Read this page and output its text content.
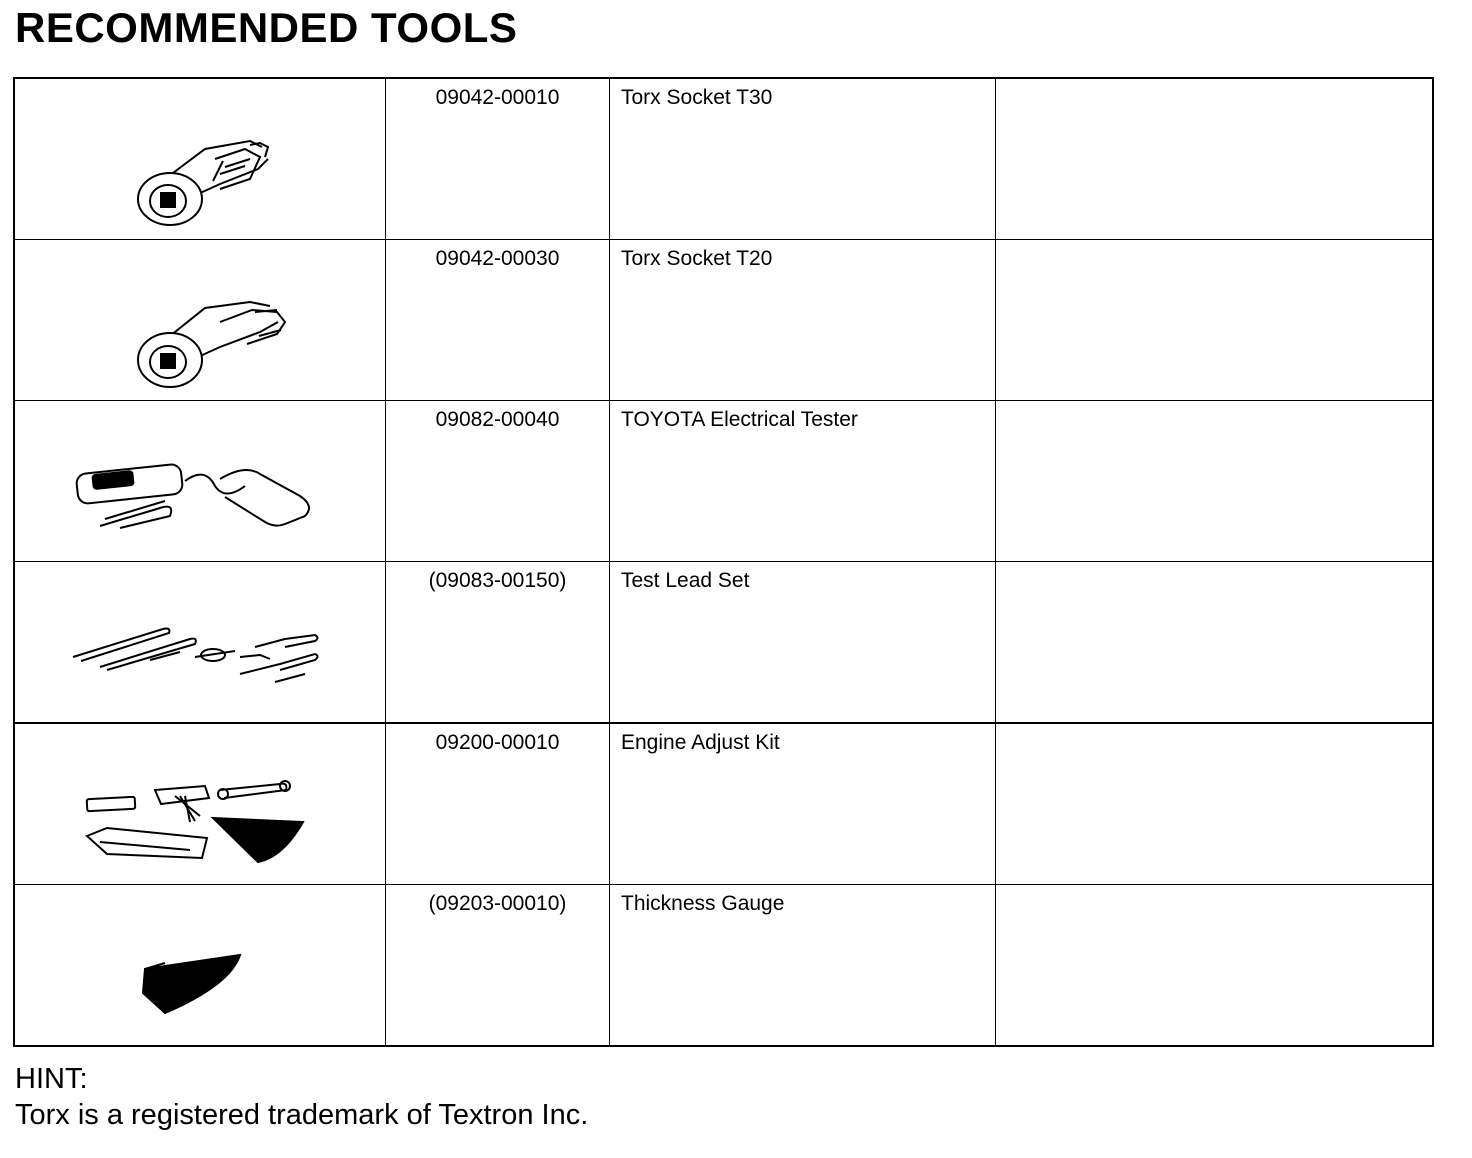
RECOMMENDED TOOLS

09042-00010	Torx Socket T30	

09042-00030	Torx Socket T20	

09082-00040	TOYOTA Electrical Tester	

(09083-00150)	Test Lead Set	

09200-00010	Engine Adjust Kit	

(09203-00010)	Thickness Gauge	

HINT:
Torx is a registered trademark of Textron Inc.
